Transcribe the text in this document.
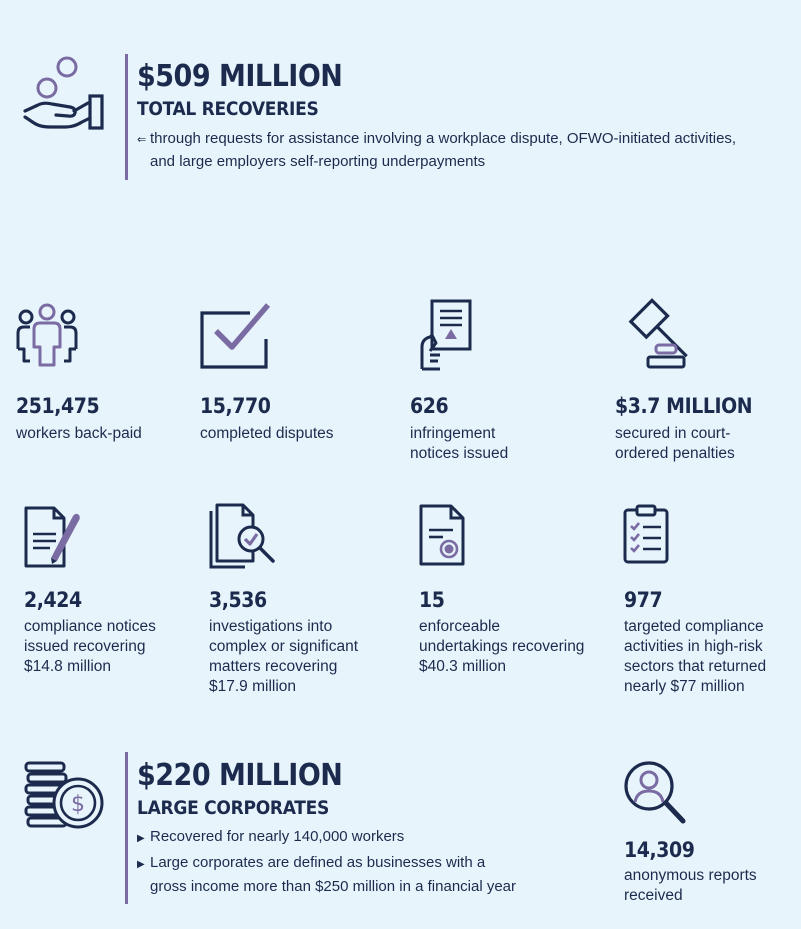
$509 MILLION
TOTAL RECOVERIES
⇐ through requests for assistance involving a workplace dispute, OFWO-initiated activities,
and large employers self-reporting underpayments
251,475
workers back-paid
15,770
completed disputes
626
infringement
notices issued
$3.7 MILLION
secured in court-
ordered penalties
2,424
compliance notices
issued recovering
$14.8 million
3,536
investigations into
complex or significant
matters recovering
$17.9 million
15
enforceable
undertakings recovering
$40.3 million
977
targeted compliance
activities in high-risk
sectors that returned
nearly $77 million
$
$220 MILLION
LARGE CORPORATES
▶ Recovered for nearly 140,000 workers
▶ Large corporates are defined as businesses with a
gross income more than $250 million in a financial year
14,309
anonymous reports
received
